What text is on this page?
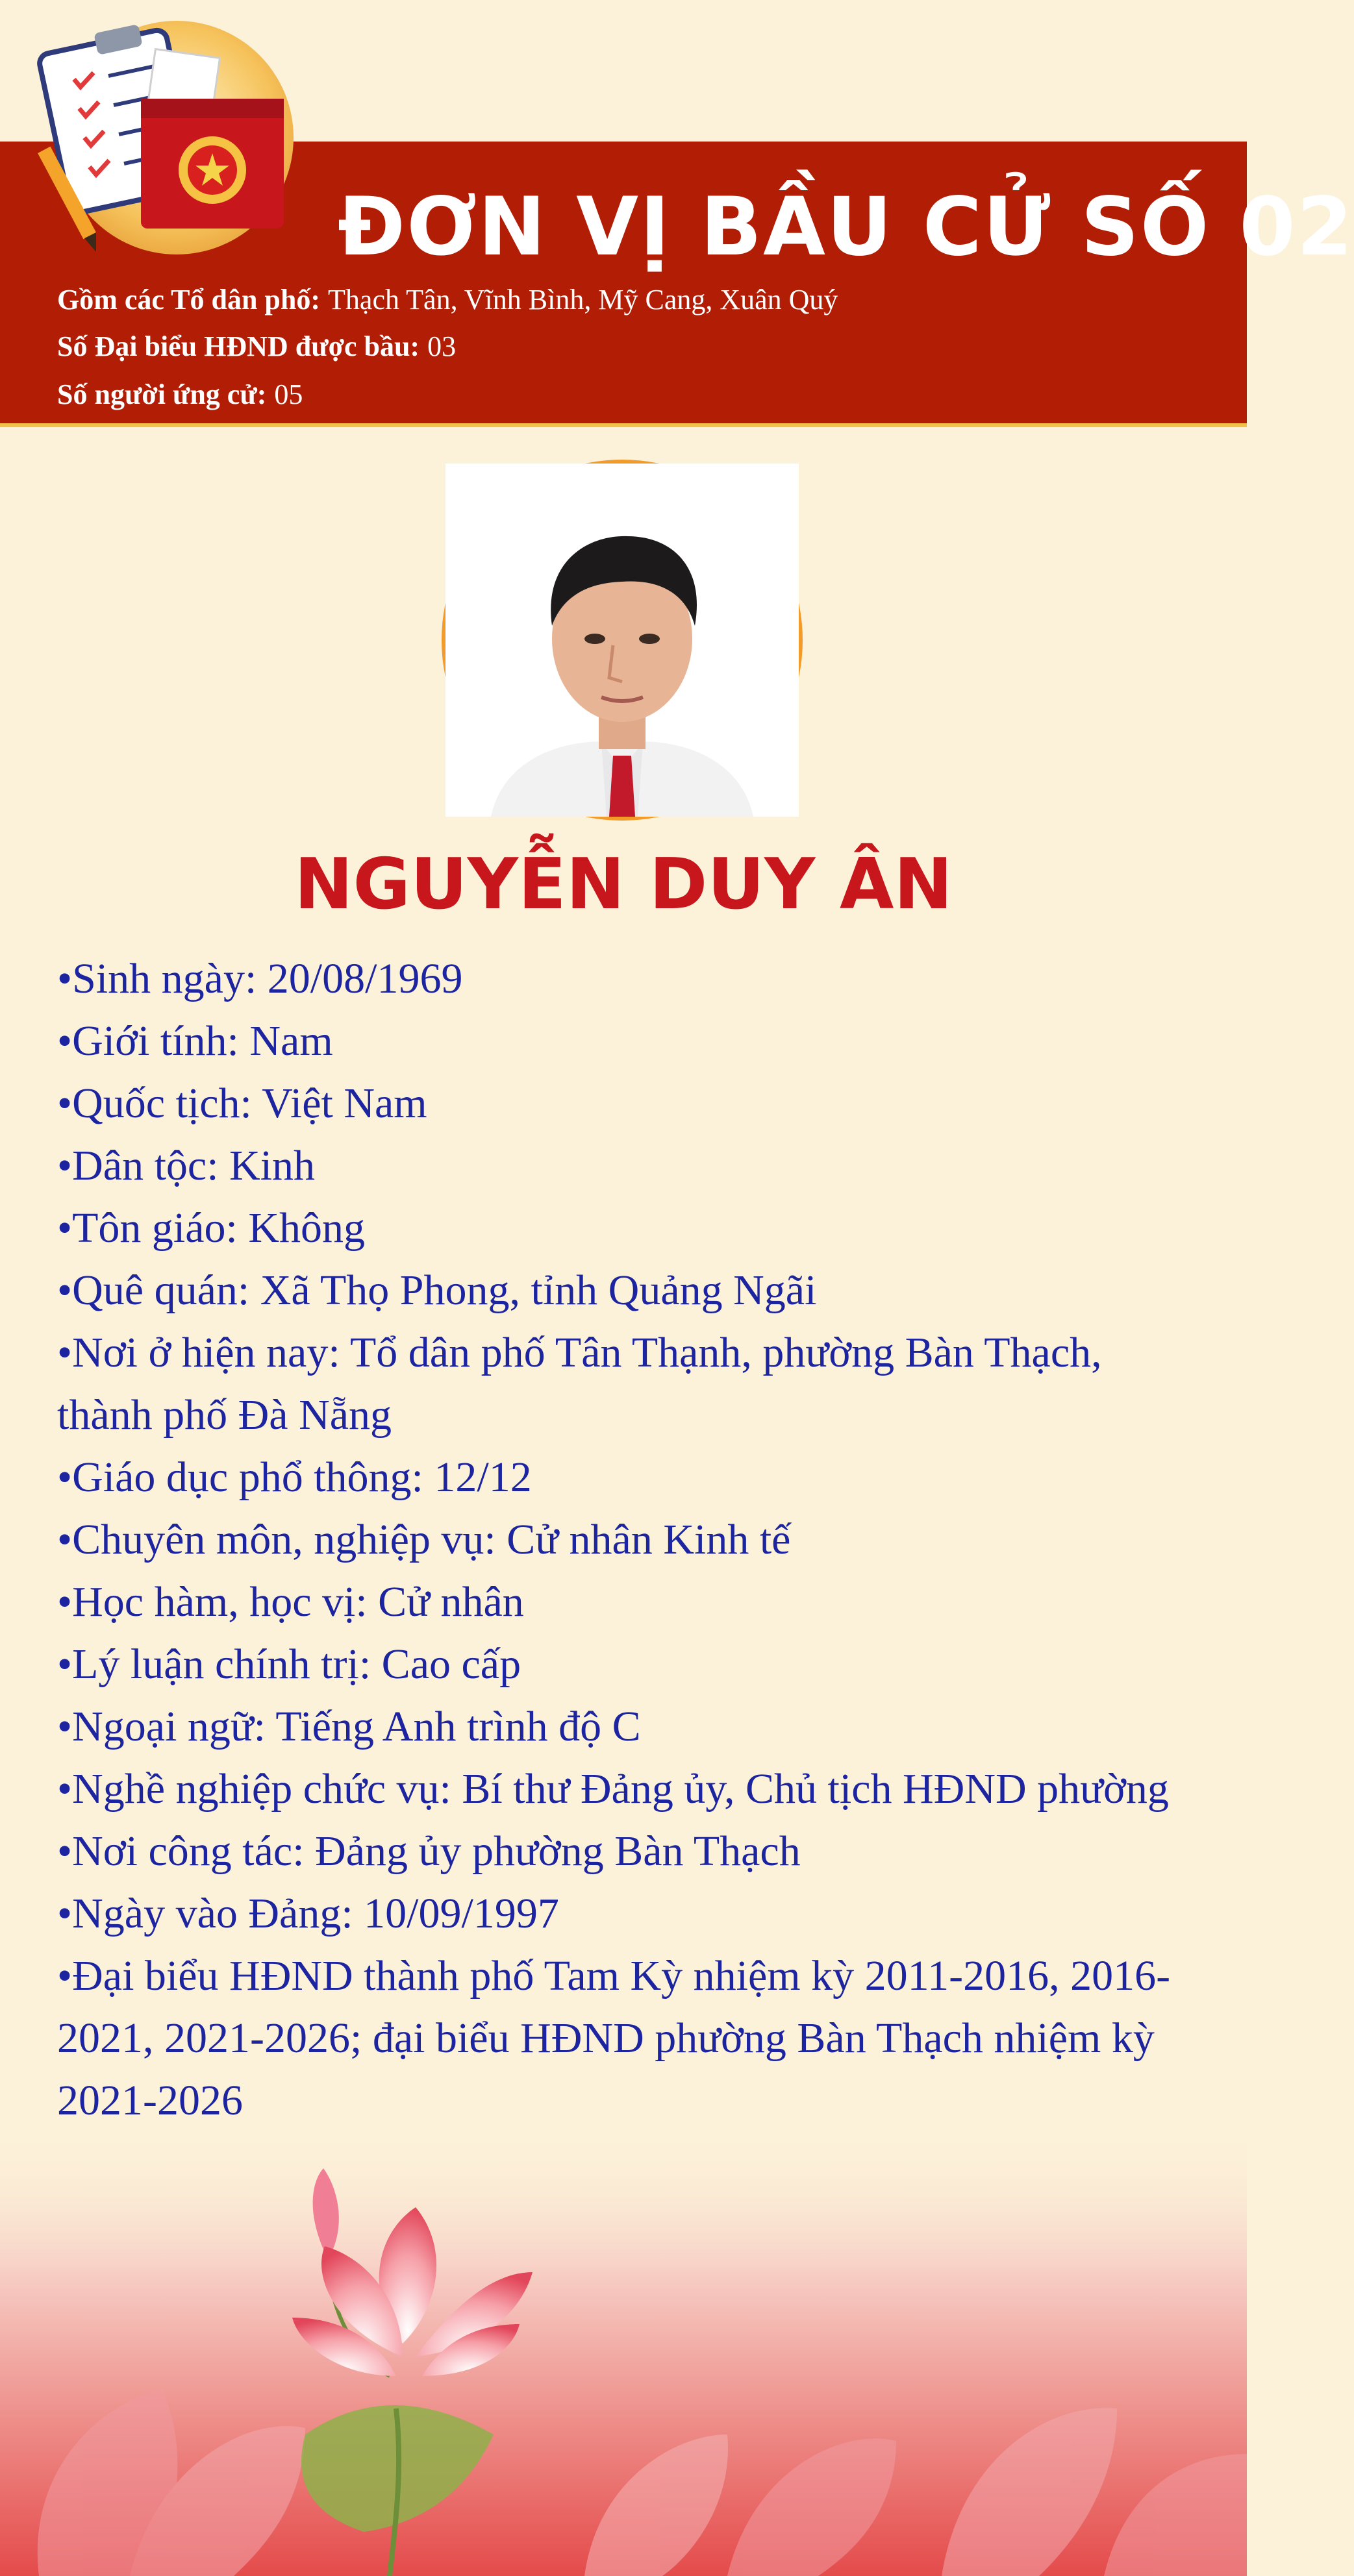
ĐƠN VỊ BẦU CỬ SỐ 02
Gồm các Tổ dân phố: Thạch Tân, Vĩnh Bình, Mỹ Cang, Xuân Quý
Số Đại biểu HĐND được bầu: 03
Số người ứng cử: 05
NGUYỄN DUY ÂN
•Sinh ngày: 20/08/1969
•Giới tính: Nam
•Quốc tịch: Việt Nam
•Dân tộc: Kinh
•Tôn giáo: Không
•Quê quán: Xã Thọ Phong, tỉnh Quảng Ngãi
•Nơi ở hiện nay: Tổ dân phố Tân Thạnh, phường Bàn Thạch, thành phố Đà Nẵng
•Giáo dục phổ thông: 12/12
•Chuyên môn, nghiệp vụ: Cử nhân Kinh tế
•Học hàm, học vị: Cử nhân
•Lý luận chính trị: Cao cấp
•Ngoại ngữ: Tiếng Anh trình độ C
•Nghề nghiệp chức vụ: Bí thư Đảng ủy, Chủ tịch HĐND phường
•Nơi công tác: Đảng ủy phường Bàn Thạch
•Ngày vào Đảng: 10/09/1997
•Đại biểu HĐND thành phố Tam Kỳ nhiệm kỳ 2011-2016, 2016-2021, 2021-2026; đại biểu HĐND phường Bàn Thạch nhiệm kỳ 2021-2026
